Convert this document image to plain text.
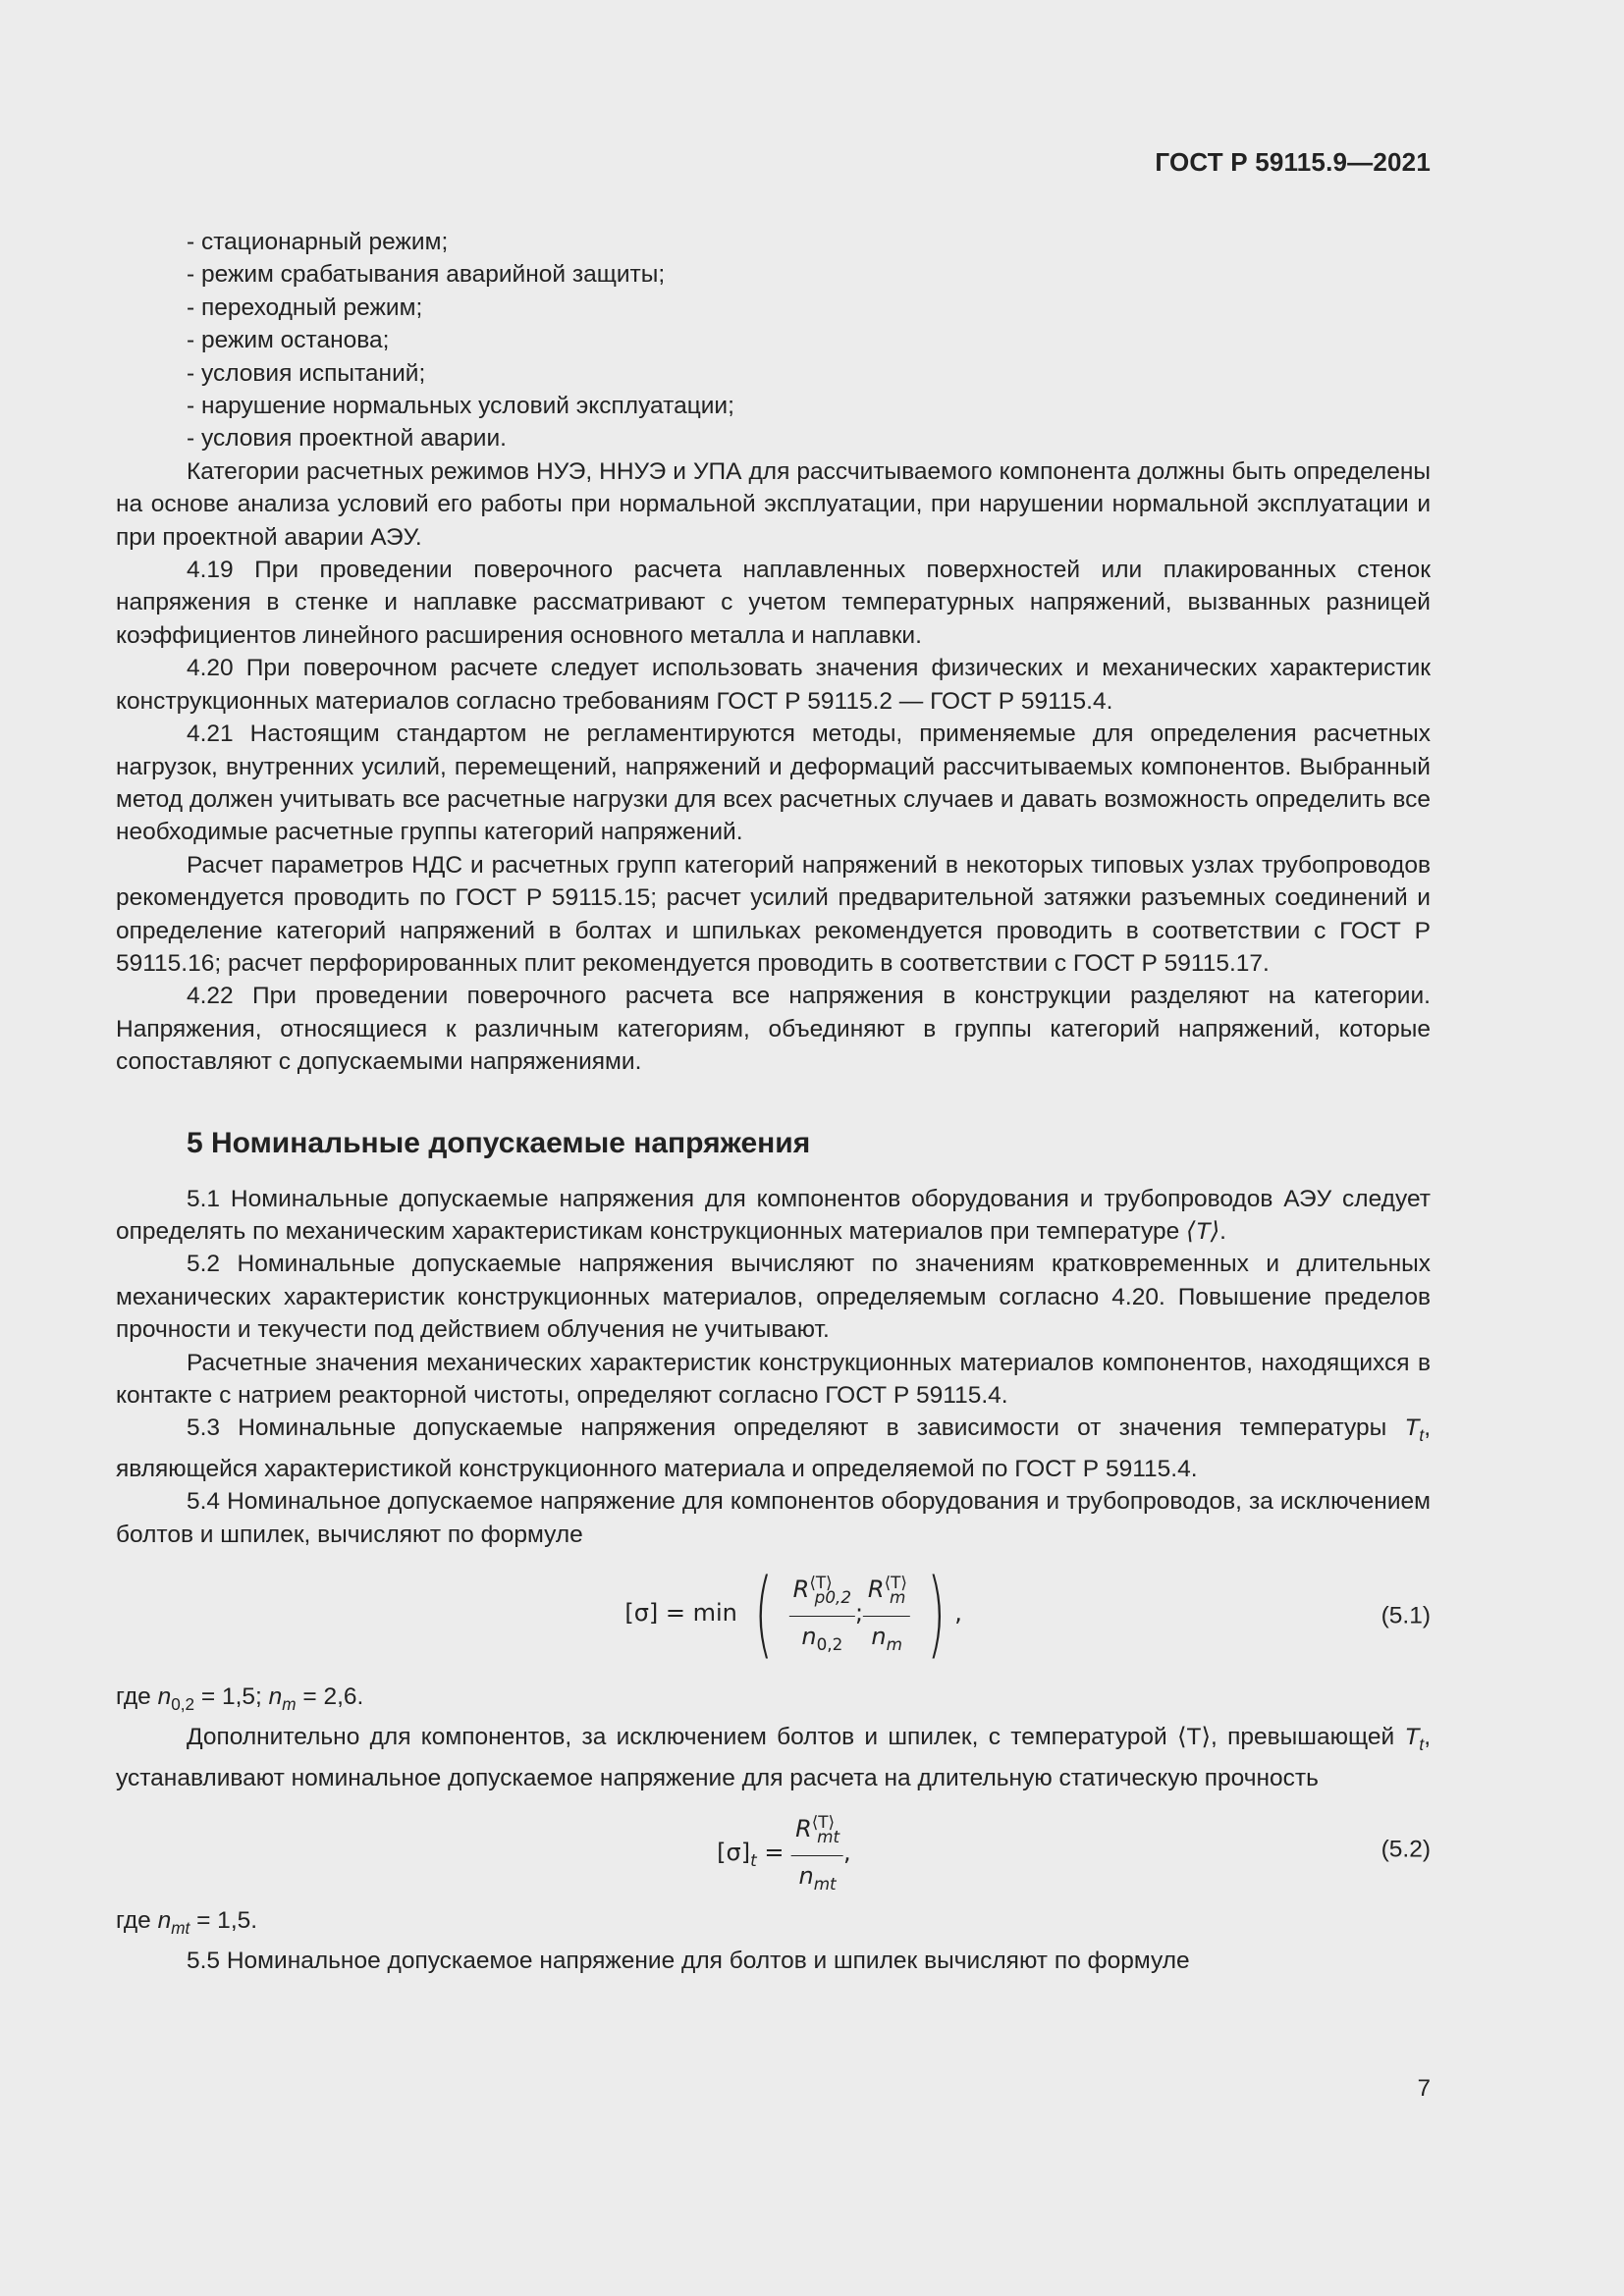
ГОСТ Р 59115.9—2021

- стационарный режим;

- режим срабатывания аварийной защиты;

- переходный режим;

- режим останова;

- условия испытаний;

- нарушение нормальных условий эксплуатации;

- условия проектной аварии.

Категории расчетных режимов НУЭ, ННУЭ и УПА для рассчитываемого компонента должны быть определены на основе анализа условий его работы при нормальной эксплуатации, при нарушении нормальной эксплуатации и при проектной аварии АЭУ.

4.19 При проведении поверочного расчета наплавленных поверхностей или плакированных стенок напряжения в стенке и наплавке рассматривают с учетом температурных напряжений, вызванных разницей коэффициентов линейного расширения основного металла и наплавки.

4.20 При поверочном расчете следует использовать значения физических и механических характеристик конструкционных материалов согласно требованиям ГОСТ Р 59115.2 — ГОСТ Р 59115.4.

4.21 Настоящим стандартом не регламентируются методы, применяемые для определения расчетных нагрузок, внутренних усилий, перемещений, напряжений и деформаций рассчитываемых компонентов. Выбранный метод должен учитывать все расчетные нагрузки для всех расчетных случаев и давать возможность определить все необходимые расчетные группы категорий напряжений.

Расчет параметров НДС и расчетных групп категорий напряжений в некоторых типовых узлах трубопроводов рекомендуется проводить по ГОСТ Р 59115.15; расчет усилий предварительной затяжки разъемных соединений и определение категорий напряжений в болтах и шпильках рекомендуется проводить в соответствии с ГОСТ Р 59115.16; расчет перфорированных плит рекомендуется проводить в соответствии с ГОСТ Р 59115.17.

4.22 При проведении поверочного расчета все напряжения в конструкции разделяют на категории. Напряжения, относящиеся к различным категориям, объединяют в группы категорий напряжений, которые сопоставляют с допускаемыми напряжениями.

5 Номинальные допускаемые напряжения

5.1 Номинальные допускаемые напряжения для компонентов оборудования и трубопроводов АЭУ следует определять по механическим характеристикам конструкционных материалов при температуре ⟨T⟩.

5.2 Номинальные допускаемые напряжения вычисляют по значениям кратковременных и длительных механических характеристик конструкционных материалов, определяемым согласно 4.20. Повышение пределов прочности и текучести под действием облучения не учитывают.

Расчетные значения механических характеристик конструкционных материалов компонентов, находящихся в контакте с натрием реакторной чистоты, определяют согласно ГОСТ Р 59115.4.

5.3 Номинальные допускаемые напряжения определяют в зависимости от значения температуры $T_t$, являющейся характеристикой конструкционного материала и определяемой по ГОСТ Р 59115.4.

5.4 Номинальное допускаемое напряжение для компонентов оборудования и трубопроводов, за исключением болтов и шпилек, вычисляют по формуле

[σ] = min ( $\frac{R^{⟨T⟩}_{p0,2}}{n_{0,2}}$ ; $\frac{R^{⟨T⟩}_m}{n_m}$ ) ,	(5.1)

где $n_{0,2} = 1,5$; $n_m = 2,6$.

Дополнительно для компонентов, за исключением болтов и шпилек, с температурой ⟨T⟩, превышающей $T_t$, устанавливают номинальное допускаемое напряжение для расчета на длительную статическую прочность

$[\sigma]_t = \frac{R^{⟨T⟩}_{mt}}{n_{mt}}$ ,	(5.2)

где $n_{mt} = 1,5$.

5.5 Номинальное допускаемое напряжение для болтов и шпилек вычисляют по формуле

7
